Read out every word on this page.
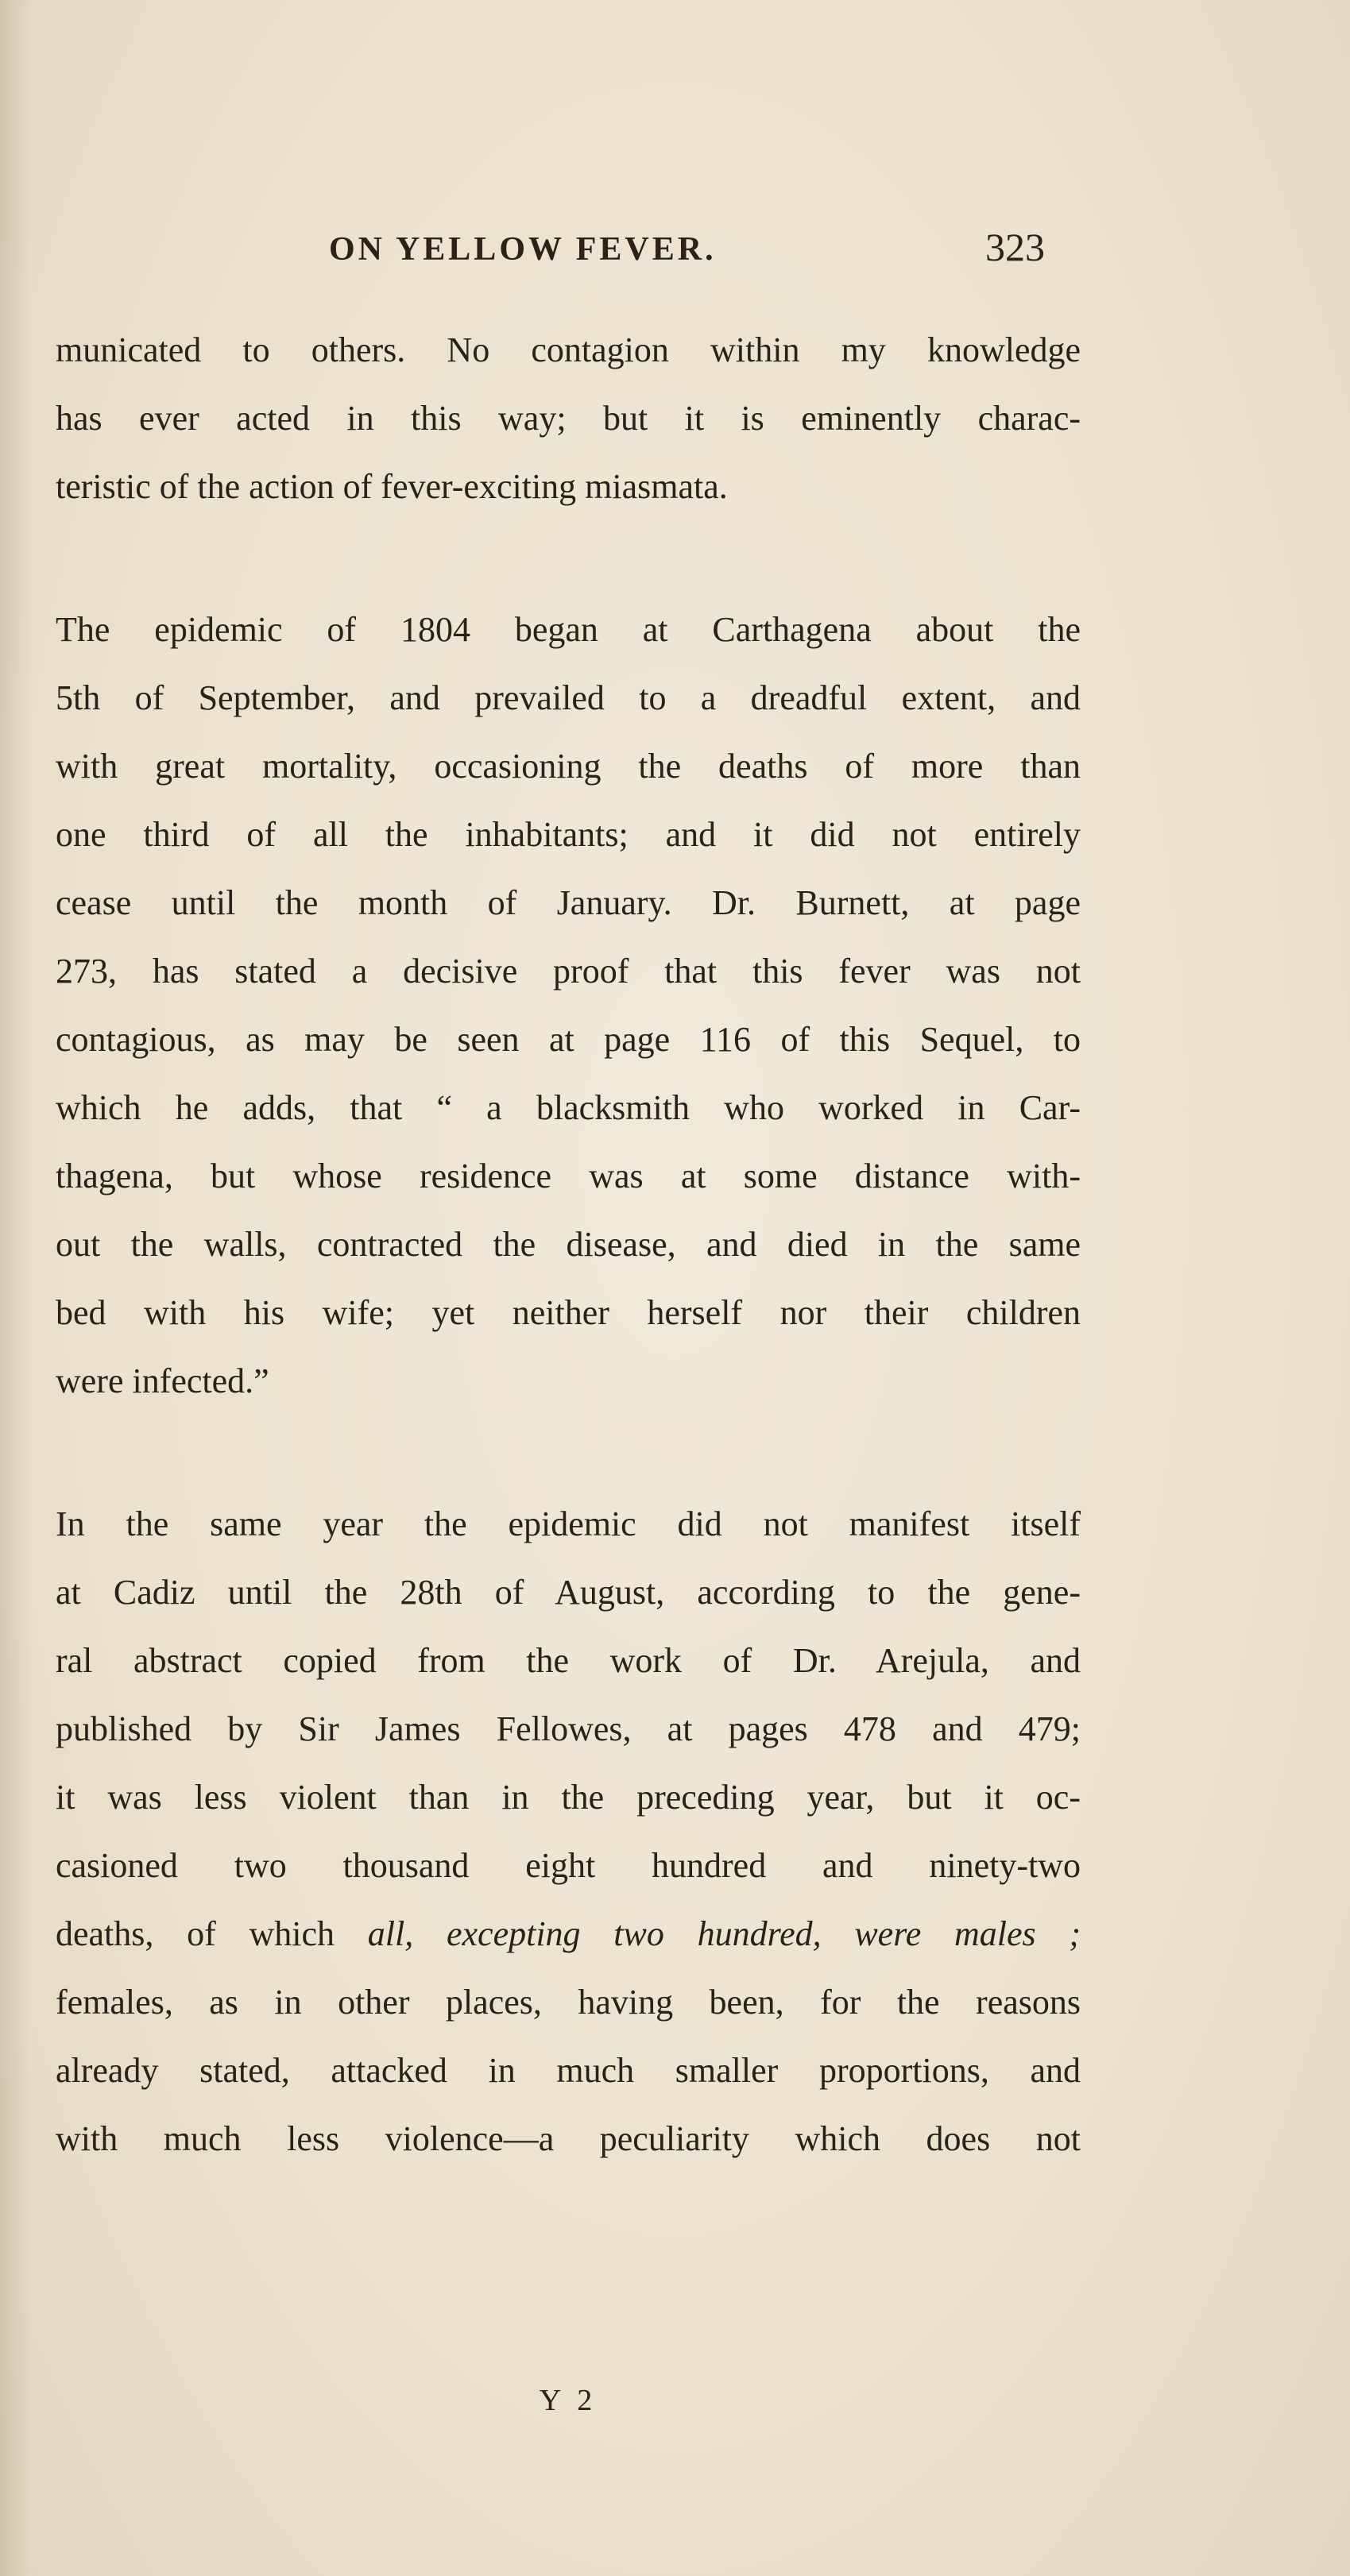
ON YELLOW FEVER.	323
municated to others. No contagion within my knowledge
has ever acted in this way; but it is eminently charac-
teristic of the action of fever-exciting miasmata.
The epidemic of 1804 began at Carthagena about the
5th of September, and prevailed to a dreadful extent, and
with great mortality, occasioning the deaths of more than
one third of all the inhabitants; and it did not entirely
cease until the month of January. Dr. Burnett, at page
273, has stated a decisive proof that this fever was not
contagious, as may be seen at page 116 of this Sequel, to
which he adds, that “ a blacksmith who worked in Car-
thagena, but whose residence was at some distance with-
out the walls, contracted the disease, and died in the same
bed with his wife; yet neither herself nor their children
were infected.”
In the same year the epidemic did not manifest itself
at Cadiz until the 28th of August, according to the gene-
ral abstract copied from the work of Dr. Arejula, and
published by Sir James Fellowes, at pages 478 and 479;
it was less violent than in the preceding year, but it oc-
casioned two thousand eight hundred and ninety-two
deaths, of which all, excepting two hundred, were males ;
females, as in other places, having been, for the reasons
already stated, attacked in much smaller proportions, and
with much less violence—a peculiarity which does not
Y 2
